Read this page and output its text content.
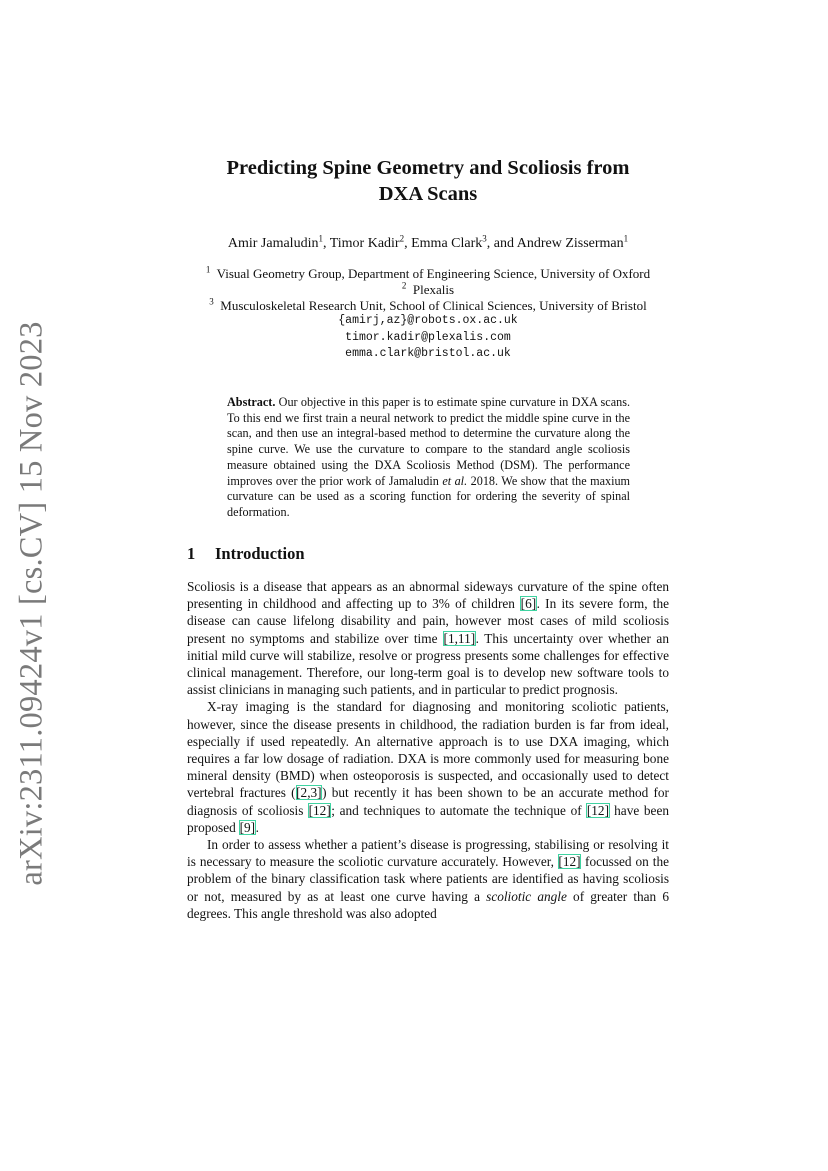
arXiv:2311.09424v1 [cs.CV] 15 Nov 2023
Predicting Spine Geometry and Scoliosis from
DXA Scans
Amir Jamaludin$^1$, Timor Kadir$^2$, Emma Clark$^3$, and Andrew Zisserman$^1$
$^1$ Visual Geometry Group, Department of Engineering Science, University of Oxford
$^2$ Plexalis
$^3$ Musculoskeletal Research Unit, School of Clinical Sciences, University of Bristol
{amirj,az}@robots.ox.ac.uk
timor.kadir@plexalis.com
emma.clark@bristol.ac.uk
Abstract. Our objective in this paper is to estimate spine curvature in DXA scans. To this end we first train a neural network to predict the middle spine curve in the scan, and then use an integral-based method to determine the curvature along the spine curve. We use the curvature to compare to the standard angle scoliosis measure obtained using the DXA Scoliosis Method (DSM). The performance improves over the prior work of Jamaludin et al. 2018. We show that the maxium curvature can be used as a scoring function for ordering the severity of spinal deformation.
1 Introduction

Scoliosis is a disease that appears as an abnormal sideways curvature of the spine often presenting in childhood and affecting up to 3% of children [6]. In its severe form, the disease can cause lifelong disability and pain, however most cases of mild scoliosis present no symptoms and stabilize over time [1,11]. This uncertainty over whether an initial mild curve will stabilize, resolve or progress presents some challenges for effective clinical management. Therefore, our long-term goal is to develop new software tools to assist clinicians in managing such patients, and in particular to predict prognosis.

X-ray imaging is the standard for diagnosing and monitoring scoliotic patients, however, since the disease presents in childhood, the radiation burden is far from ideal, especially if used repeatedly. An alternative approach is to use DXA imaging, which requires a far low dosage of radiation. DXA is more commonly used for measuring bone mineral density (BMD) when osteoporosis is suspected, and occasionally used to detect vertebral fractures ([2,3]) but recently it has been shown to be an accurate method for diagnosis of scoliosis [12]; and techniques to automate the technique of [12] have been proposed [9].

In order to assess whether a patient’s disease is progressing, stabilising or resolving it is necessary to measure the scoliotic curvature accurately. However, [12] focussed on the problem of the binary classification task where patients are identified as having scoliosis or not, measured by as at least one curve having a scoliotic angle of greater than 6 degrees. This angle threshold was also adopted
